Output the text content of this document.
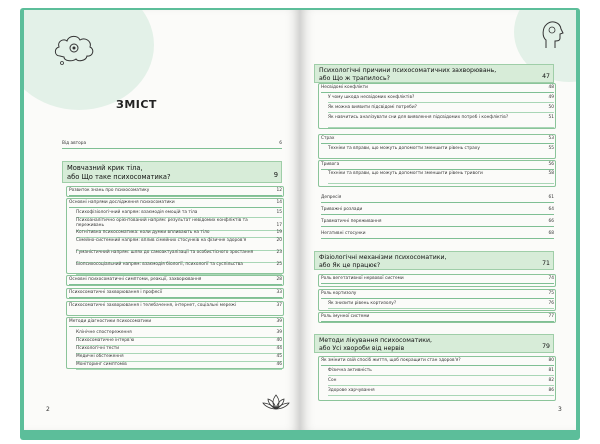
ЗМІСТ
Від автора	6
Розвиток знань про психосоматику	12
Основні напрями дослідження психосоматики	14
Психофізіологічний напрям: взаємодія емоцій та тіла	15
Психоаналітично орієнтований напрям: результат невідомих конфліктів та переживань	17
Когнітивна психосоматика: коли думки впливають на тіло	19
Сімейно-системний напрям: вплив сімейних стосунків на фізичне здоров'я	20
Гуманістичний напрям: шлях до самоактуалізації та особистісного зростання	23
Біопсихосоціальний напрям: взаємодія біології, психології та суспільства	25
Основні психосоматичні симптоми, реакції, захворювання	28
Психосоматичні захворювання і професії	33
Психосоматичні захворювання і телебачення, інтернет, соціальні мережі	37
Методи діагностики психосоматики	39
Клінічне спостереження	39
Психосоматичне інтерв'ю	40
Психологічні тести	44
Медичні обстеження	45
Моніторинг симптомів	46
Мовчазний крик тіла,
або Що таке психосоматика?	9
2
Психологічні причини психосоматичних захворювань,
або Що ж трапилось?	47
Фізіологічні механізми психосоматики,
або Як це працює?	71
Методи лікування психосоматики,
або Усі хвороби від нервів	79
Несвідомі конфлікти	48
У чому шкода несвідомих конфліктів?	49
Як можна виявити підсвідомі потреби?	50
Як навчитись аналізувати сни для виявлення підсвідомих потреб і конфліктів?	51
Страх	53
Техніки та вправи, що можуть допомогти зменшити рівень страху	55
Тривога	56
Техніки та вправи, що можуть допомогти зменшити рівень тривоги	58
Депресія	61
Тривожні розлади	64
Травматичні переживання	66
Негативні стосунки	68
Роль вегетативної нервової системи	74
Роль кортизолу	75
Як знизити рівень кортизолу?	76
Роль імунної системи	77
Як змінити свій спосіб життя, щоб покращити стан здоров'я?	80
Фізична активність	81
Сон	82
Здорове харчування	86
3
